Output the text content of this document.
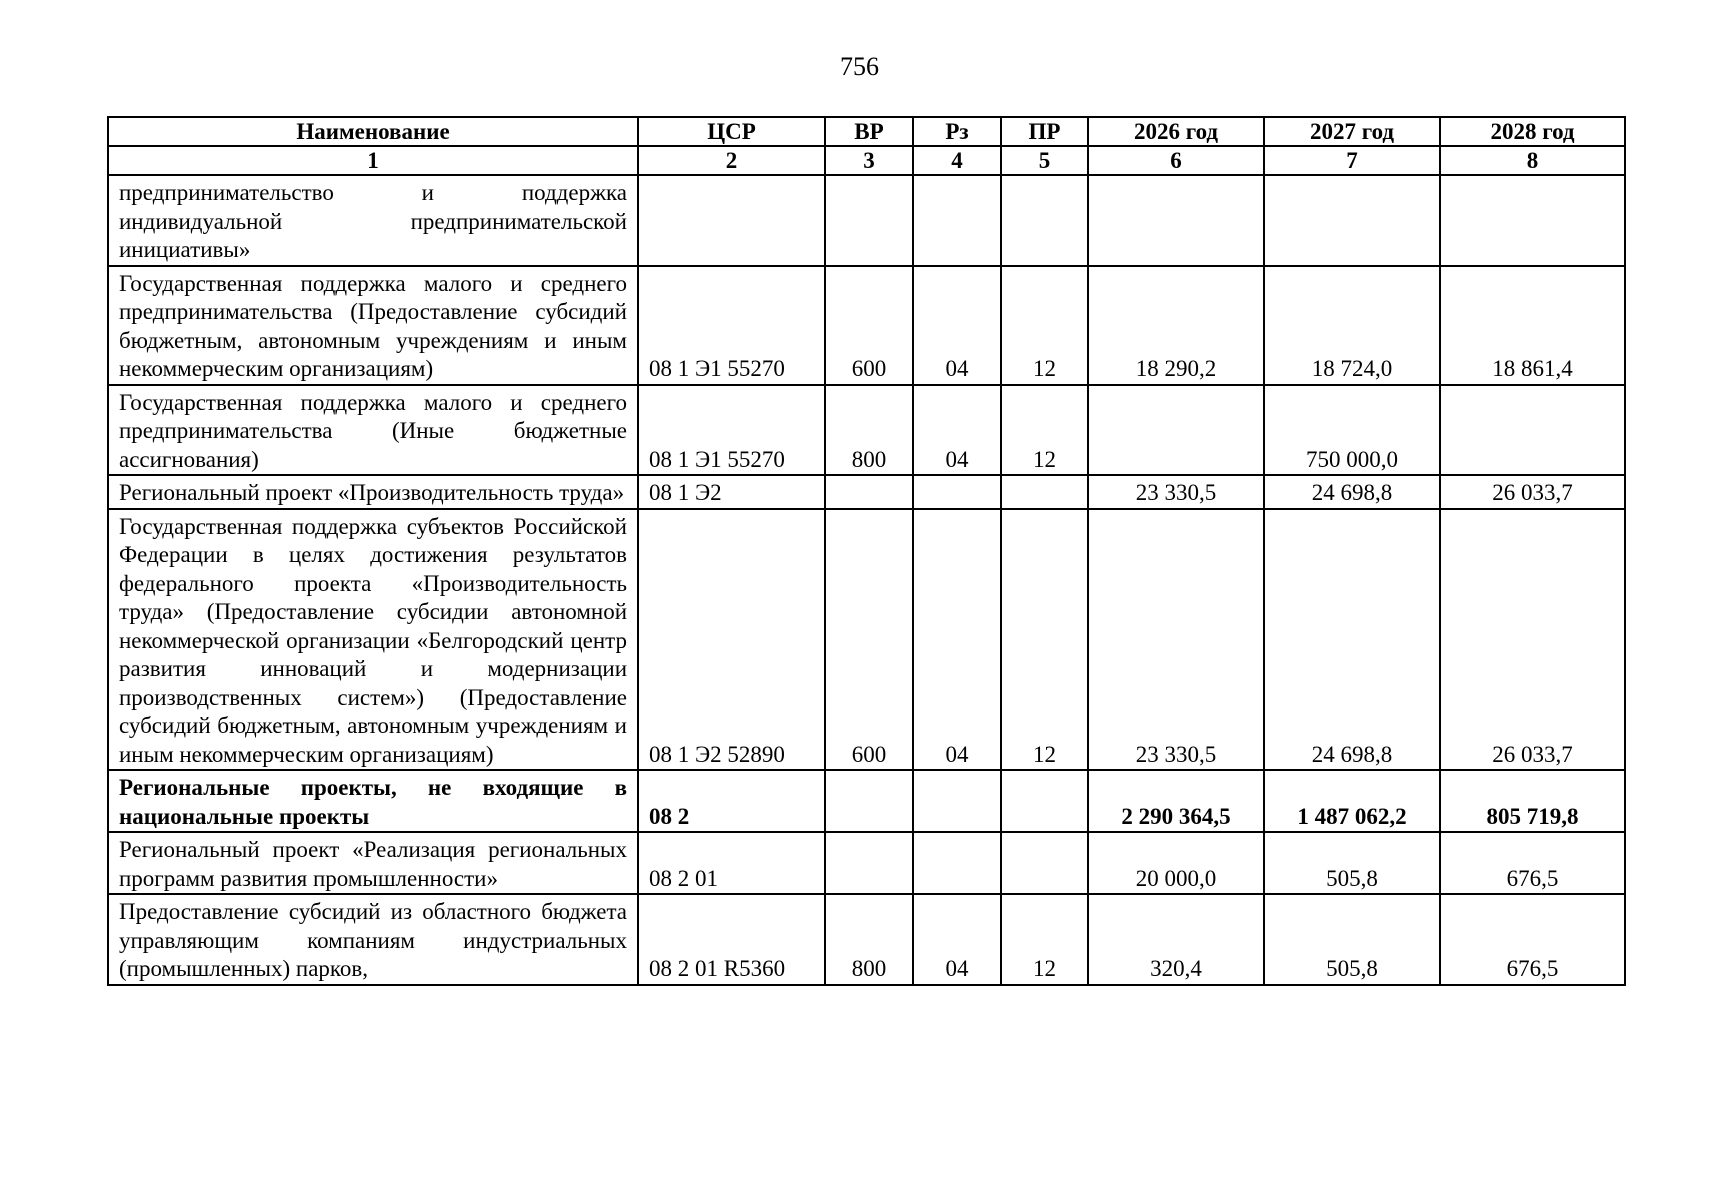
756
Наименование	ЦСР	ВР	Рз	ПР	2026 год	2027 год	2028 год
1	2	3	4	5	6	7	8
предпринимательство и поддержка индивидуальной предпринимательской инициативы»							
Государственная поддержка малого и среднего предпринимательства (Предоставление субсидий бюджетным, автономным учреждениям и иным некоммерческим организациям)	08 1 Э1 55270	600	04	12	18 290,2	18 724,0	18 861,4
Государственная поддержка малого и среднего предпринимательства (Иные бюджетные ассигнования)	08 1 Э1 55270	800	04	12		750 000,0	
Региональный проект «Производительность труда»	08 1 Э2				23 330,5	24 698,8	26 033,7
Государственная поддержка субъектов Российской Федерации в целях достижения результатов федерального проекта «Производительность труда» (Предоставление субсидии автономной некоммерческой организации «Белгородский центр развития инноваций и модернизации производственных систем») (Предоставление субсидий бюджетным, автономным учреждениям и иным некоммерческим организациям)	08 1 Э2 52890	600	04	12	23 330,5	24 698,8	26 033,7
Региональные проекты, не входящие в национальные проекты	08 2				2 290 364,5	1 487 062,2	805 719,8
Региональный проект «Реализация региональных программ развития промышленности»	08 2 01				20 000,0	505,8	676,5
Предоставление субсидий из областного бюджета управляющим компаниям индустриальных (промышленных) парков,	08 2 01 R5360	800	04	12	320,4	505,8	676,5
